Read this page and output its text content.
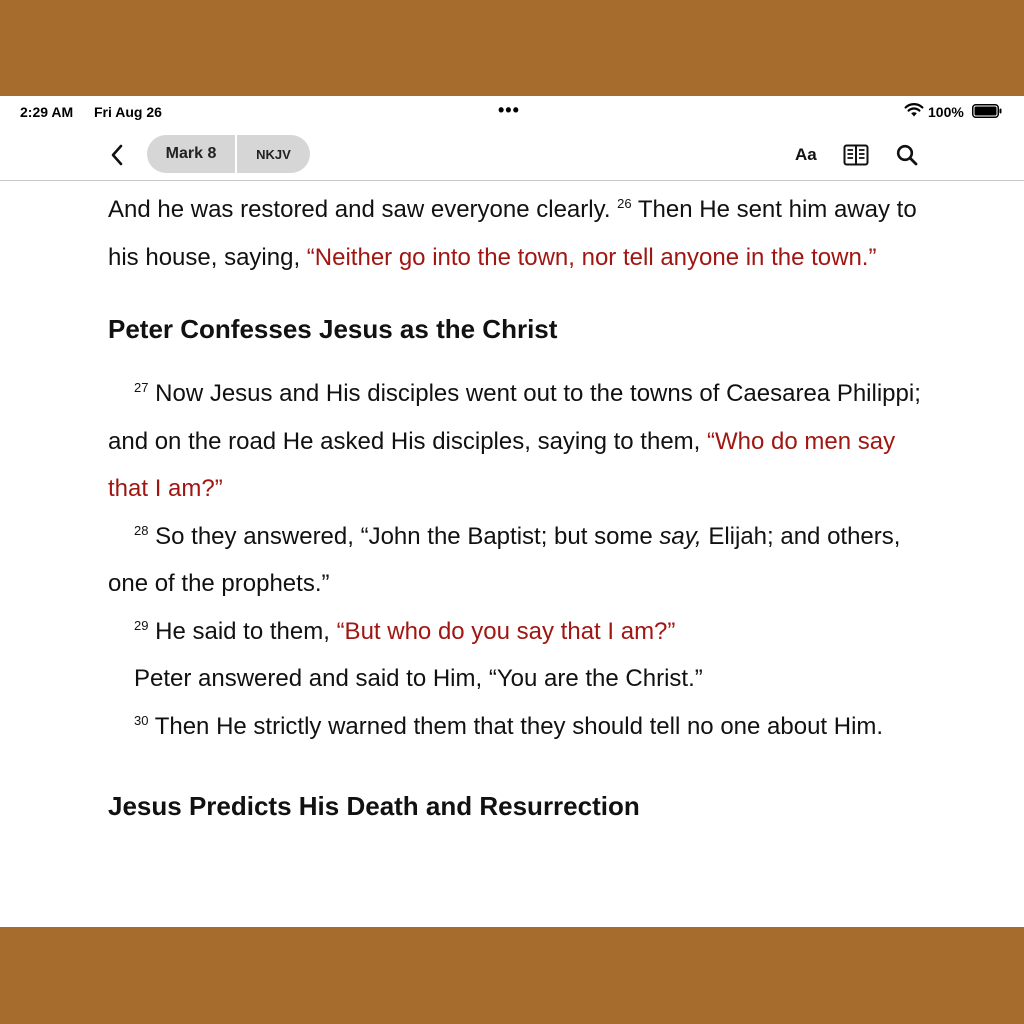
2:29 AM Fri Aug 26	•••	100%
Mark 8	NKJV	Aa

And he was restored and saw everyone clearly. $^{26}$ Then He sent him away to his house, saying, “Neither go into the town, nor tell anyone in the town.”

Peter Confesses Jesus as the Christ

$^{27}$ Now Jesus and His disciples went out to the towns of Caesarea Philippi; and on the road He asked His disciples, saying to them, “Who do men say that I am?”

$^{28}$ So they answered, “John the Baptist; but some say, Elijah; and others, one of the prophets.”

$^{29}$ He said to them, “But who do you say that I am?”

Peter answered and said to Him, “You are the Christ.”

$^{30}$ Then He strictly warned them that they should tell no one about Him.

Jesus Predicts His Death and Resurrection
